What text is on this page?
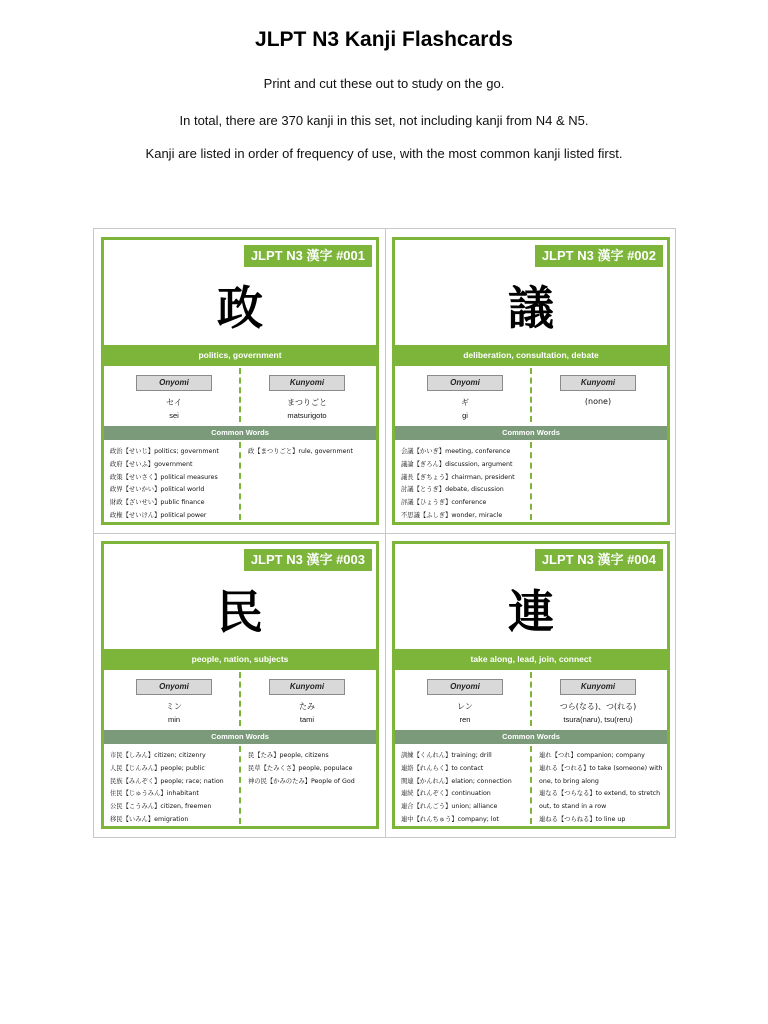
JLPT N3 Kanji Flashcards
Print and cut these out to study on the go.
In total, there are 370 kanji in this set, not including kanji from N4 & N5.
Kanji are listed in order of frequency of use, with the most common kanji listed first.
JLPT N3 漢字 #001
政
politics, government
Onyomi
セイ
sei
Kunyomi
まつりごと
matsurigoto
Common Words
政治【せいじ】politics; government
政府【せいふ】government
政策【せいさく】political measures
政界【せいかい】political world
財政【ざいせい】public finance
政権【せいけん】political power
政【まつりごと】rule, government
JLPT N3 漢字 #002
議
deliberation, consultation, debate
Onyomi
ギ
gi
Kunyomi
(none)
Common Words
会議【かいぎ】meeting, conference
議論【ぎろん】discussion, argument
議長【ぎちょう】chairman, president
討議【とうぎ】debate, discussion
評議【ひょうぎ】conference
不思議【ふしぎ】wonder, miracle
JLPT N3 漢字 #003
民
people, nation, subjects
Onyomi
ミン
min
Kunyomi
たみ
tami
Common Words
市民【しみん】citizen; citizenry
人民【じんみん】people; public
民族【みんぞく】people; race; nation
住民【じゅうみん】inhabitant
公民【こうみん】citizen, freemen
移民【いみん】emigration
民【たみ】people, citizens
民草【たみくさ】people, populace
神の民【かみのたみ】People of God
JLPT N3 漢字 #004
連
take along, lead, join, connect
Onyomi
レン
ren
Kunyomi
つら(なる)、つ(れる)
tsura(naru), tsu(reru)
Common Words
訓練【くんれん】training; drill
連絡【れんらく】to contact
関連【かんれん】elation; connection
連続【れんぞく】continuation
連合【れんごう】union; alliance
連中【れんちゅう】company; lot
連れ【つれ】companion; company
連れる【つれる】to take (someone) with
one, to bring along
連なる【つらなる】to extend, to stretch
out, to stand in a row
連ねる【つらねる】to line up
